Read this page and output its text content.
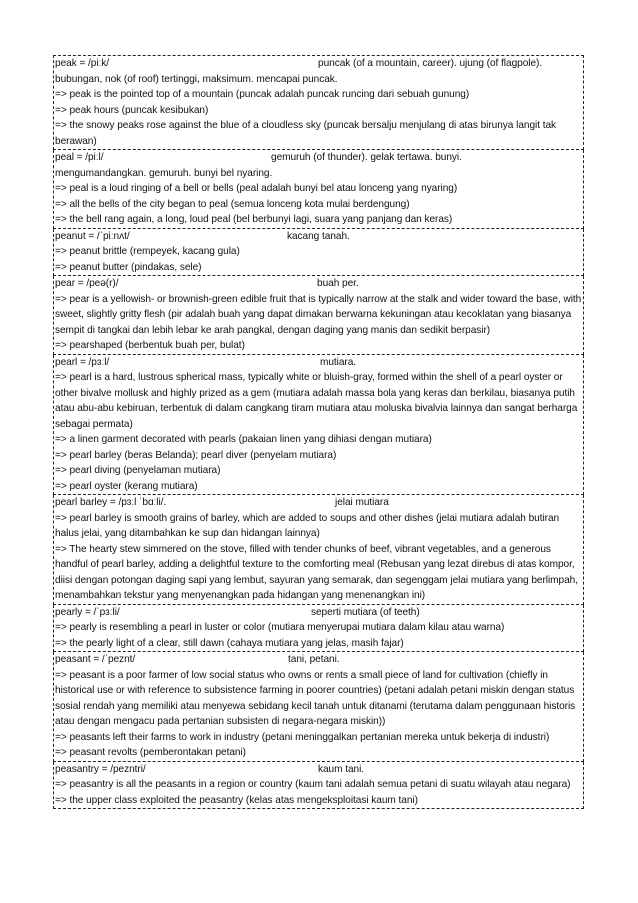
peak = /piːk/	puncak (of a mountain, career). ujung (of flagpole).
bubungan, nok (of roof) tertinggi, maksimum. mencapai puncak.
=> peak is the pointed top of a mountain (puncak adalah puncak runcing dari sebuah gunung)
=> peak hours (puncak kesibukan)
=> the snowy peaks rose against the blue of a cloudless sky (puncak bersalju menjulang di atas birunya langit tak berawan)
peal = /piːl/	gemuruh (of thunder). gelak tertawa. bunyi.
mengumandangkan. gemuruh. bunyi bel nyaring.
=> peal is a loud ringing of a bell or bells (peal adalah bunyi bel atau lonceng yang nyaring)
=> all the bells of the city began to peal (semua lonceng kota mulai berdengung)
=> the bell rang again, a long, loud peal (bel berbunyi lagi, suara yang panjang dan keras)
peanut = /ˈpiːnʌt/	kacang tanah.
=> peanut brittle (rempeyek, kacang gula)
=> peanut butter (pindakas, sele)
pear = /peə(r)/	buah per.
=> pear is a yellowish- or brownish-green edible fruit that is typically narrow at the stalk and wider toward the base, with sweet, slightly gritty flesh (pir adalah buah yang dapat dimakan berwarna kekuningan atau kecoklatan yang biasanya sempit di tangkai dan lebih lebar ke arah pangkal, dengan daging yang manis dan sedikit berpasir)
=> pearshaped (berbentuk buah per, bulat)
pearl = /pɜːl/	mutiara.
=> pearl is a hard, lustrous spherical mass, typically white or bluish-gray, formed within the shell of a pearl oyster or other bivalve mollusk and highly prized as a gem (mutiara adalah massa bola yang keras dan berkilau, biasanya putih atau abu-abu kebiruan, terbentuk di dalam cangkang tiram mutiara atau moluska bivalvia lainnya dan sangat berharga sebagai permata)
=> a linen garment decorated with pearls (pakaian linen yang dihiasi dengan mutiara)
=> pearl barley (beras Belanda); pearl diver (penyelam mutiara)
=> pearl diving (penyelaman mutiara)
=> pearl oyster (kerang mutiara)
pearl barley = /pɜːl ˈbɑːli/.	jelai mutiara
=> pearl barley is smooth grains of barley, which are added to soups and other dishes (jelai mutiara adalah butiran halus jelai, yang ditambahkan ke sup dan hidangan lainnya)
=> The hearty stew simmered on the stove, filled with tender chunks of beef, vibrant vegetables, and a generous handful of pearl barley, adding a delightful texture to the comforting meal (Rebusan yang lezat direbus di atas kompor, diisi dengan potongan daging sapi yang lembut, sayuran yang semarak, dan segenggam jelai mutiara yang berlimpah, menambahkan tekstur yang menyenangkan pada hidangan yang menenangkan ini)
pearly = /ˈpɜːli/	seperti mutiara (of teeth)
=> pearly is resembling a pearl in luster or color (mutiara menyerupai mutiara dalam kilau atau warna)
=> the pearly light of a clear, still dawn (cahaya mutiara yang jelas, masih fajar)
peasant = /ˈpeznt/	tani, petani.
=> peasant is a poor farmer of low social status who owns or rents a small piece of land for cultivation (chiefly in historical use or with reference to subsistence farming in poorer countries) (petani adalah petani miskin dengan status sosial rendah yang memiliki atau menyewa sebidang kecil tanah untuk ditanami (terutama dalam penggunaan historis atau dengan mengacu pada pertanian subsisten di negara-negara miskin))
=> peasants left their farms to work in industry (petani meninggalkan pertanian mereka untuk bekerja di industri)
=> peasant revolts (pemberontakan petani)
peasantry = /pezntri/	kaum tani.
=> peasantry is all the peasants in a region or country (kaum tani adalah semua petani di suatu wilayah atau negara)
=> the upper class exploited the peasantry (kelas atas mengeksploitasi kaum tani)
